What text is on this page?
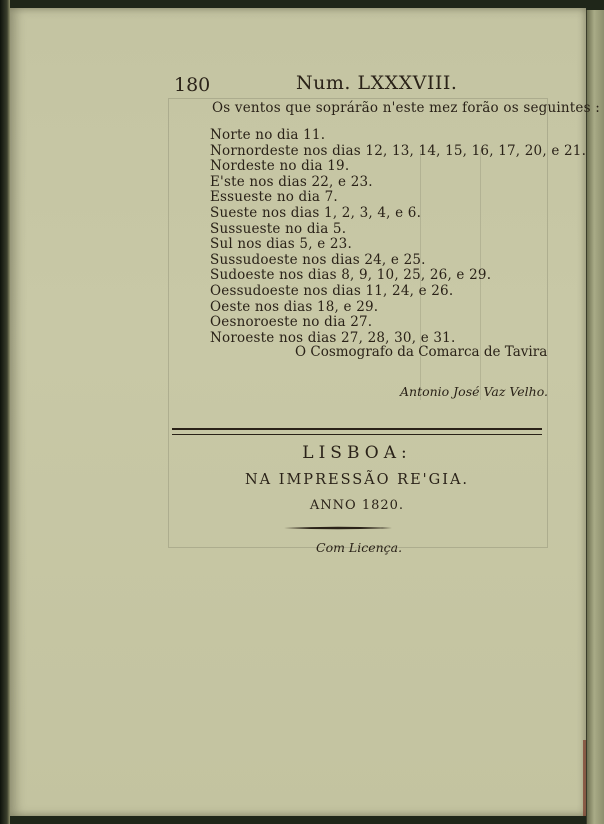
180	Num. LXXXVIII.
Os ventos que soprárão n'este mez forão os seguintes :
Norte no dia 11.
Nornordeste nos dias 12, 13, 14, 15, 16, 17, 20, e 21.
Nordeste no dia 19.
E'ste nos dias 22, e 23.
Essueste no dia 7.
Sueste nos dias 1, 2, 3, 4, e 6.
Sussueste no dia 5.
Sul nos dias 5, e 23.
Sussudoeste nos dias 24, e 25.
Sudoeste nos dias 8, 9, 10, 25, 26, e 29.
Oessudoeste nos dias 11, 24, e 26.
Oeste nos dias 18, e 29.
Oesnoroeste no dia 27.
Noroeste nos dias 27, 28, 30, e 31.
O Cosmografo da Comarca de Tavira
Antonio José Vaz Velho.
LISBOA:
NA IMPRESSÃO RE'GIA.
ANNO 1820.
Com Licença.
